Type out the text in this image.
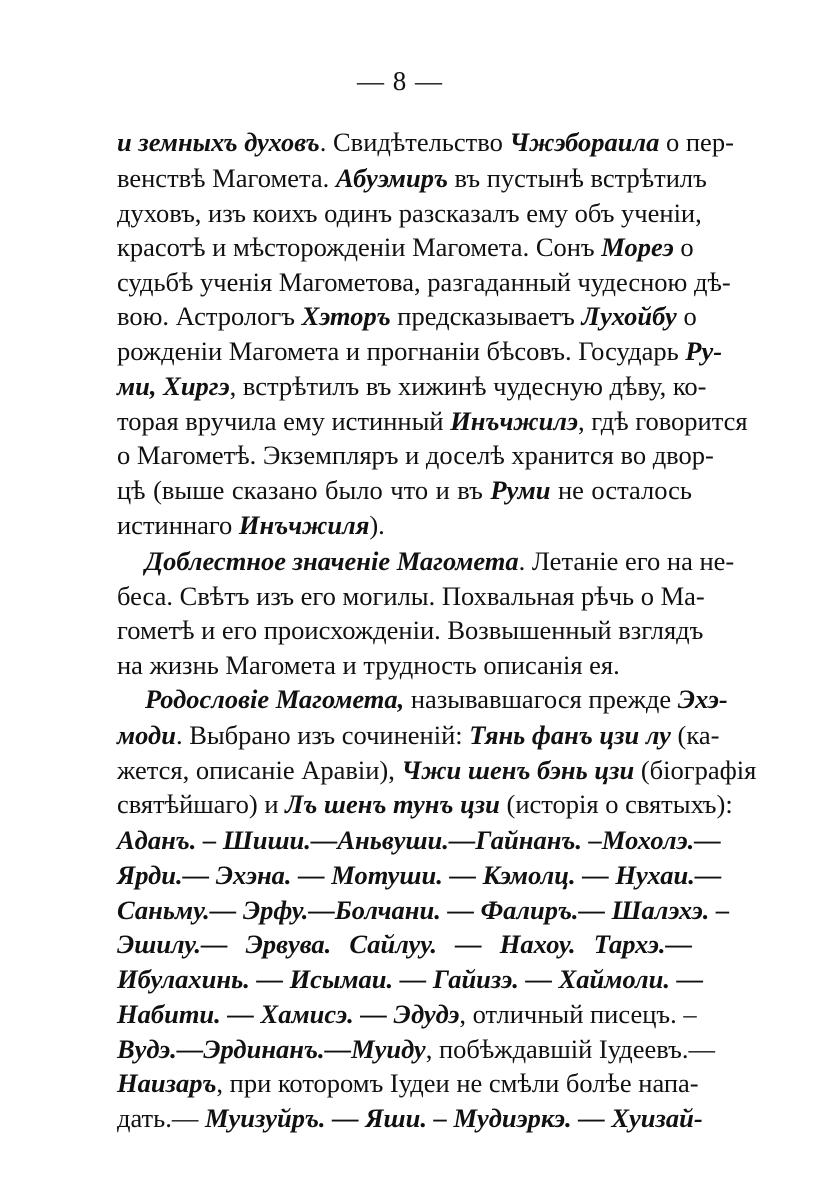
— 8 —
и земныхъ духовъ. Свидѣтельство Чжэбораила о пер-
венствѣ Магомета. Абуэмиръ въ пустынѣ встрѣтилъ
духовъ, изъ коихъ одинъ разсказалъ ему объ ученіи,
красотѣ и мѣсторожденіи Магомета. Сонъ Мореэ о
судьбѣ ученія Магометова, разгаданный чудесною дѣ-
вою. Астрологъ Хэторъ предсказываетъ Лухойбу о
рожденіи Магомета и прогнаніи бѣсовъ. Государь Ру-
ми, Хиргэ, встрѣтилъ въ хижинѣ чудесную дѣву, ко-
торая вручила ему истинный Инъчжилэ, гдѣ говорится
о Магометѣ. Экземпляръ и доселѣ хранится во двор-
цѣ (выше сказано было что и въ Руми не осталось
истиннаго Инъчжиля).
Доблестное значеніе Магомета. Летаніе его на не-
беса. Свѣтъ изъ его могилы. Похвальная рѣчь о Ма-
гометѣ и его происхожденіи. Возвышенный взглядъ
на жизнь Магомета и трудность описанія ея.
Родословіе Магомета, называвшагося прежде Эхэ-
моди. Выбрано изъ сочиненій: Тянь фанъ цзи лу (ка-
жется, описаніе Аравіи), Чжи шенъ бэнь цзи (біографія
святѣйшаго) и Лъ шенъ тунъ цзи (исторія о святыхъ):
Аданъ. – Шиши.—Аньвуши.—Гайнанъ. –Мохолэ.—
Ярди.— Эхэна. — Мотуши. — Кэмолц. — Нухаи.—
Саньму.— Эрфу.—Болчани. — Фалиръ.— Шалэхэ. –
Эшилу.— Эрвува. Сайлуу. — Нахоу. Тархэ.—
Ибулахинь. — Исымаи. — Гайизэ. — Хаймоли. —
Набити. — Хамисэ. — Эдудэ, отличный писецъ. –
Вудэ.—Эрдинанъ.—Муиду, побѣждавшій Іудеевъ.—
Наизаръ, при которомъ Іудеи не смѣли болѣе напа-
дать.— Муизуйръ. — Яши. – Мудиэркэ. — Хуизай-
